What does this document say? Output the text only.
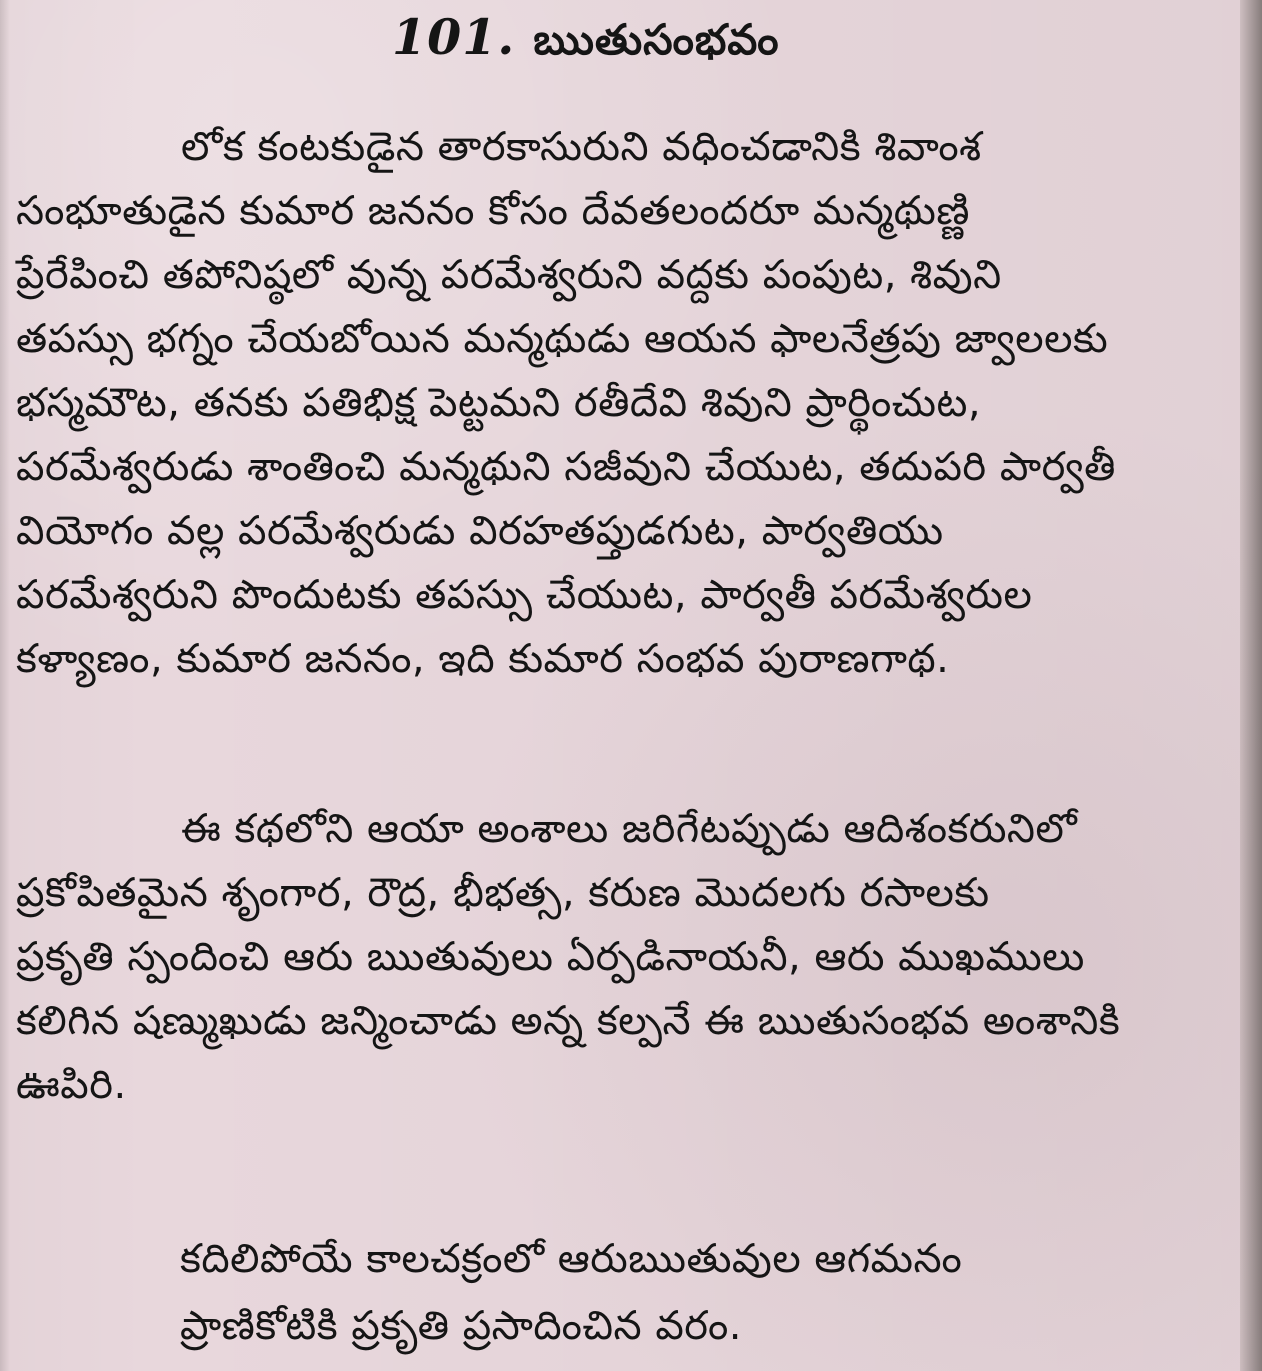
101. ఋతుసంభవం
లోక కంటకుడైన తారకాసురుని వధించడానికి శివాంశ
సంభూతుడైన కుమార జననం కోసం దేవతలందరూ మన్మథుణ్ణి
ప్రేరేపించి తపోనిష్ఠలో వున్న పరమేశ్వరుని వద్దకు పంపుట, శివుని
తపస్సు భగ్నం చేయబోయిన మన్మథుడు ఆయన ఫాలనేత్రపు జ్వాలలకు
భస్మమౌట, తనకు పతిభిక్ష పెట్టమని రతీదేవి శివుని ప్రార్థించుట,
పరమేశ్వరుడు శాంతించి మన్మథుని సజీవుని చేయుట, తదుపరి పార్వతీ
వియోగం వల్ల పరమేశ్వరుడు విరహతప్తుడగుట, పార్వతియు
పరమేశ్వరుని పొందుటకు తపస్సు చేయుట, పార్వతీ పరమేశ్వరుల
కళ్యాణం, కుమార జననం, ఇది కుమార సంభవ పురాణగాథ.
ఈ కథలోని ఆయా అంశాలు జరిగేటప్పుడు ఆదిశంకరునిలో
ప్రకోపితమైన శృంగార, రౌద్ర, భీభత్స, కరుణ మొదలగు రసాలకు
ప్రకృతి స్పందించి ఆరు ఋతువులు ఏర్పడినాయనీ, ఆరు ముఖములు
కలిగిన షణ్ముఖుడు జన్మించాడు అన్న కల్పనే ఈ ఋతుసంభవ అంశానికి
ఊపిరి.
కదిలిపోయే కాలచక్రంలో ఆరుఋతువుల ఆగమనం
ప్రాణికోటికి ప్రకృతి ప్రసాదించిన వరం.
